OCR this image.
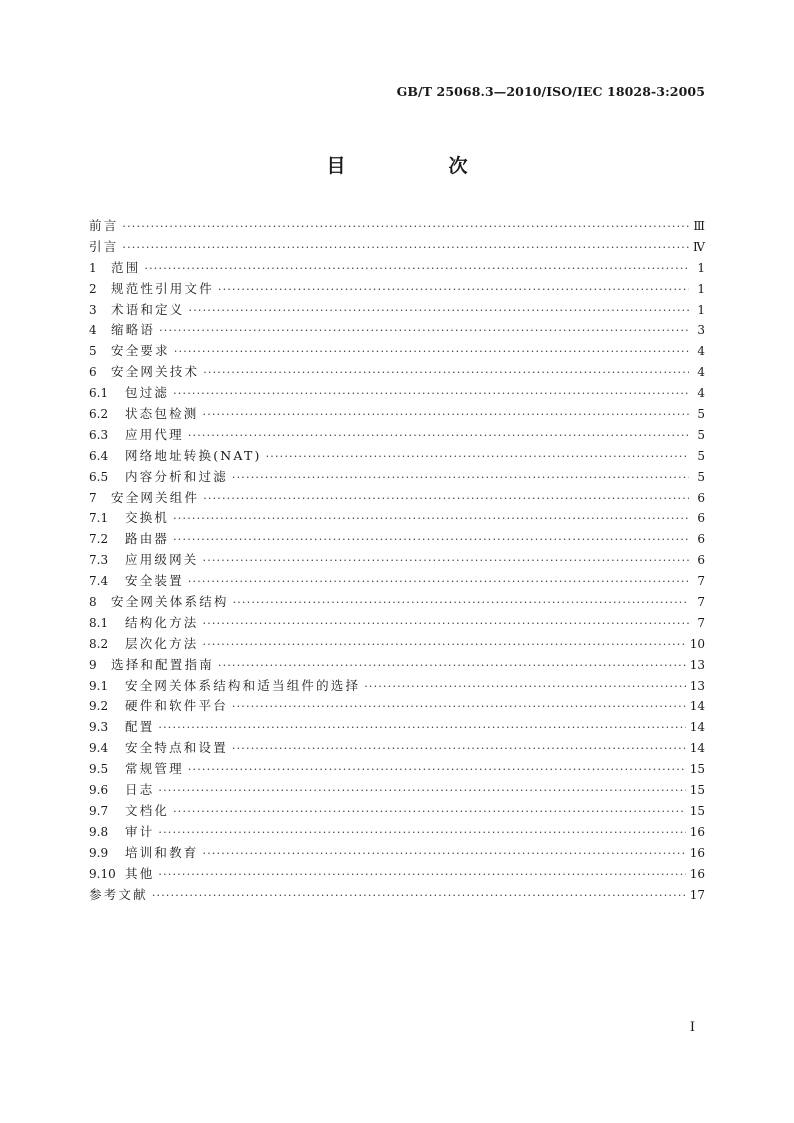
GB/T 25068.3—2010/ISO/IEC 18028-3:2005
目　次
前言 ·····	Ⅲ
引言 ·····	Ⅳ
1	范围 ·····	1
2	规范性引用文件 ·····	1
3	术语和定义 ·····	1
4	缩略语 ·····	3
5	安全要求 ·····	4
6	安全网关技术 ·····	4
6.1	包过滤 ·····	4
6.2	状态包检测 ·····	5
6.3	应用代理 ·····	5
6.4	网络地址转换(NAT) ·····	5
6.5	内容分析和过滤 ·····	5
7	安全网关组件 ·····	6
7.1	交换机 ·····	6
7.2	路由器 ·····	6
7.3	应用级网关 ·····	6
7.4	安全装置 ·····	7
8	安全网关体系结构 ·····	7
8.1	结构化方法 ·····	7
8.2	层次化方法 ·····	10
9	选择和配置指南 ·····	13
9.1	安全网关体系结构和适当组件的选择 ·····	13
9.2	硬件和软件平台 ·····	14
9.3	配置 ·····	14
9.4	安全特点和设置 ·····	14
9.5	常规管理 ·····	15
9.6	日志 ·····	15
9.7	文档化 ·····	15
9.8	审计 ·····	16
9.9	培训和教育 ·····	16
9.10 其他 ·····	16
参考文献 ·····	17
Ⅰ
